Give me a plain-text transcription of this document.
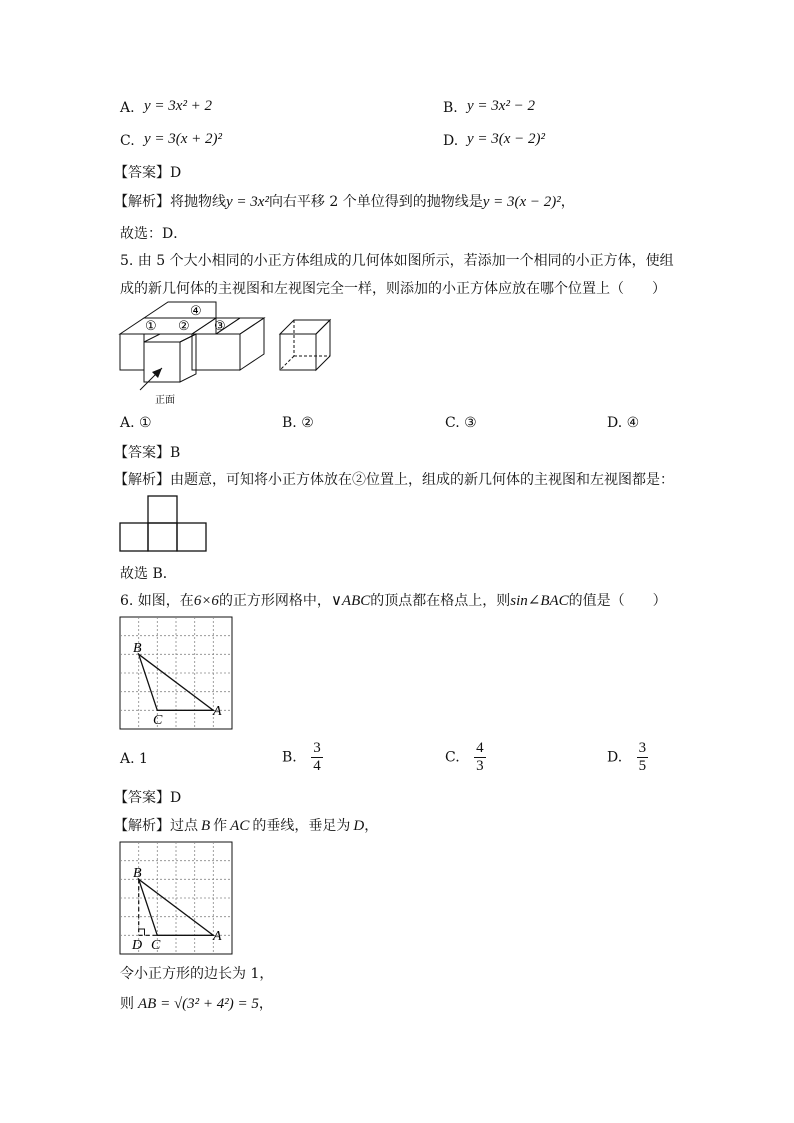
A. y = 3x² + 2	B. y = 3x² − 2
C. y = 3(x + 2)²	D. y = 3(x − 2)²
【答案】D
【解析】将抛物线y = 3x²向右平移 2 个单位得到的抛物线是y = 3(x − 2)²，
故选：D．
5. 由 5 个大小相同的小正方体组成的几何体如图所示，若添加一个相同的小正方体，使组
成的新几何体的主视图和左视图完全一样，则添加的小正方体应放在哪个位置上（　　）
① ②
④
③
正面
A. ①	B. ②	C. ③	D. ④
【答案】B
【解析】由题意，可知将小正方体放在②位置上，组成的新几何体的主视图和左视图都是：
故选 B．
6. 如图，在6×6的正方形网格中，∨ABC的顶点都在格点上，则sin∠BAC的值是（　　）
B
C
A
A. 1	B. $\frac{3}{4}$	C. $\frac{4}{3}$	D. $\frac{3}{5}$
【答案】D
【解析】过点 B 作 AC 的垂线，垂足为 D，
B
D C
A
令小正方形的边长为 1，
则 AB = √(3² + 4²) = 5，
